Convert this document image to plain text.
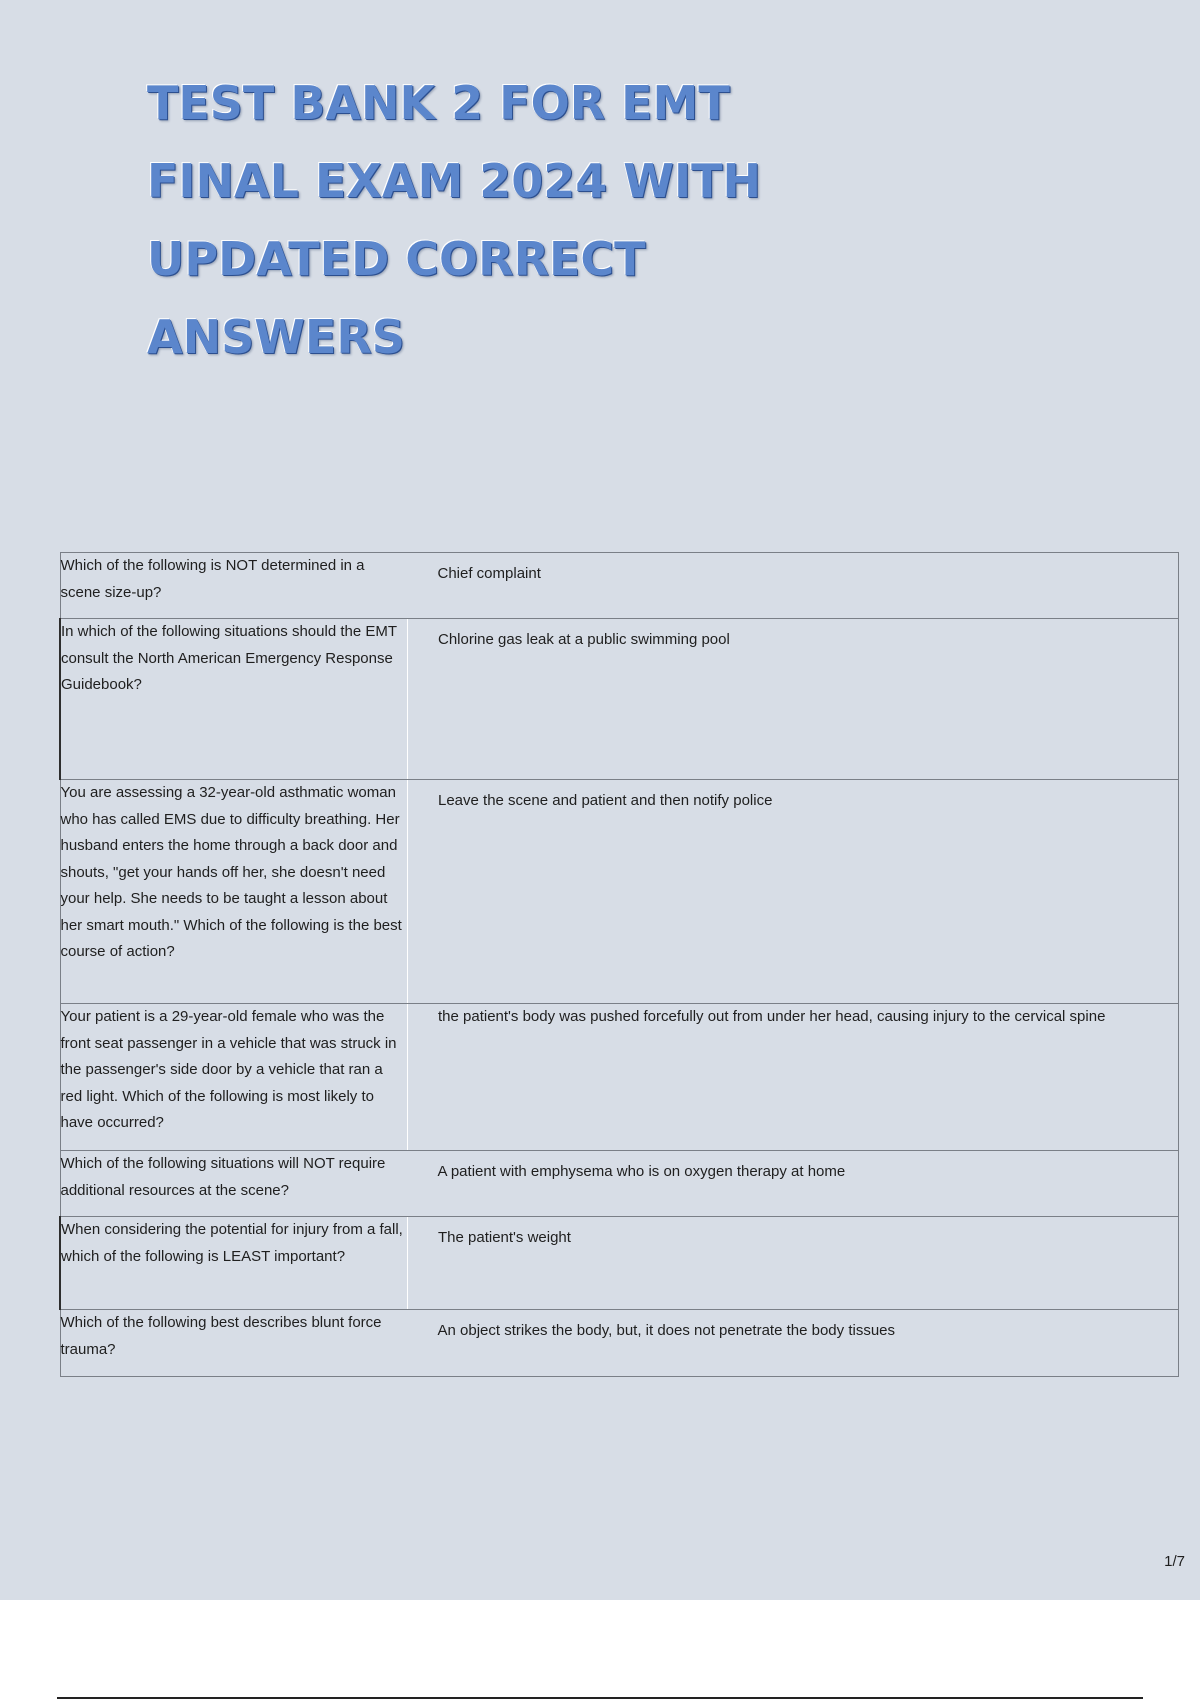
TEST BANK 2 FOR EMT
FINAL EXAM 2024 WITH
UPDATED CORRECT
ANSWERS
Which of the following is NOT determined in a scene size-up?	Chief complaint
In which of the following situations should the EMT consult the North American Emergency Response Guidebook?	Chlorine gas leak at a public swimming pool
You are assessing a 32-year-old asthmatic woman who has called EMS due to difficulty breathing. Her husband enters the home through a back door and shouts, "get your hands off her, she doesn't need your help. She needs to be taught a lesson about her smart mouth." Which of the following is the best course of action?	Leave the scene and patient and then notify police
Your patient is a 29-year-old female who was the front seat passenger in a vehicle that was struck in the passenger's side door by a vehicle that ran a red light. Which of the following is most likely to have occurred?	the patient's body was pushed forcefully out from under her head, causing injury to the cervical spine
Which of the following situations will NOT require additional resources at the scene?	A patient with emphysema who is on oxygen therapy at home
When considering the potential for injury from a fall, which of the following is LEAST important?	The patient's weight
Which of the following best describes blunt force trauma?	An object strikes the body, but, it does not penetrate the body tissues
1/7
